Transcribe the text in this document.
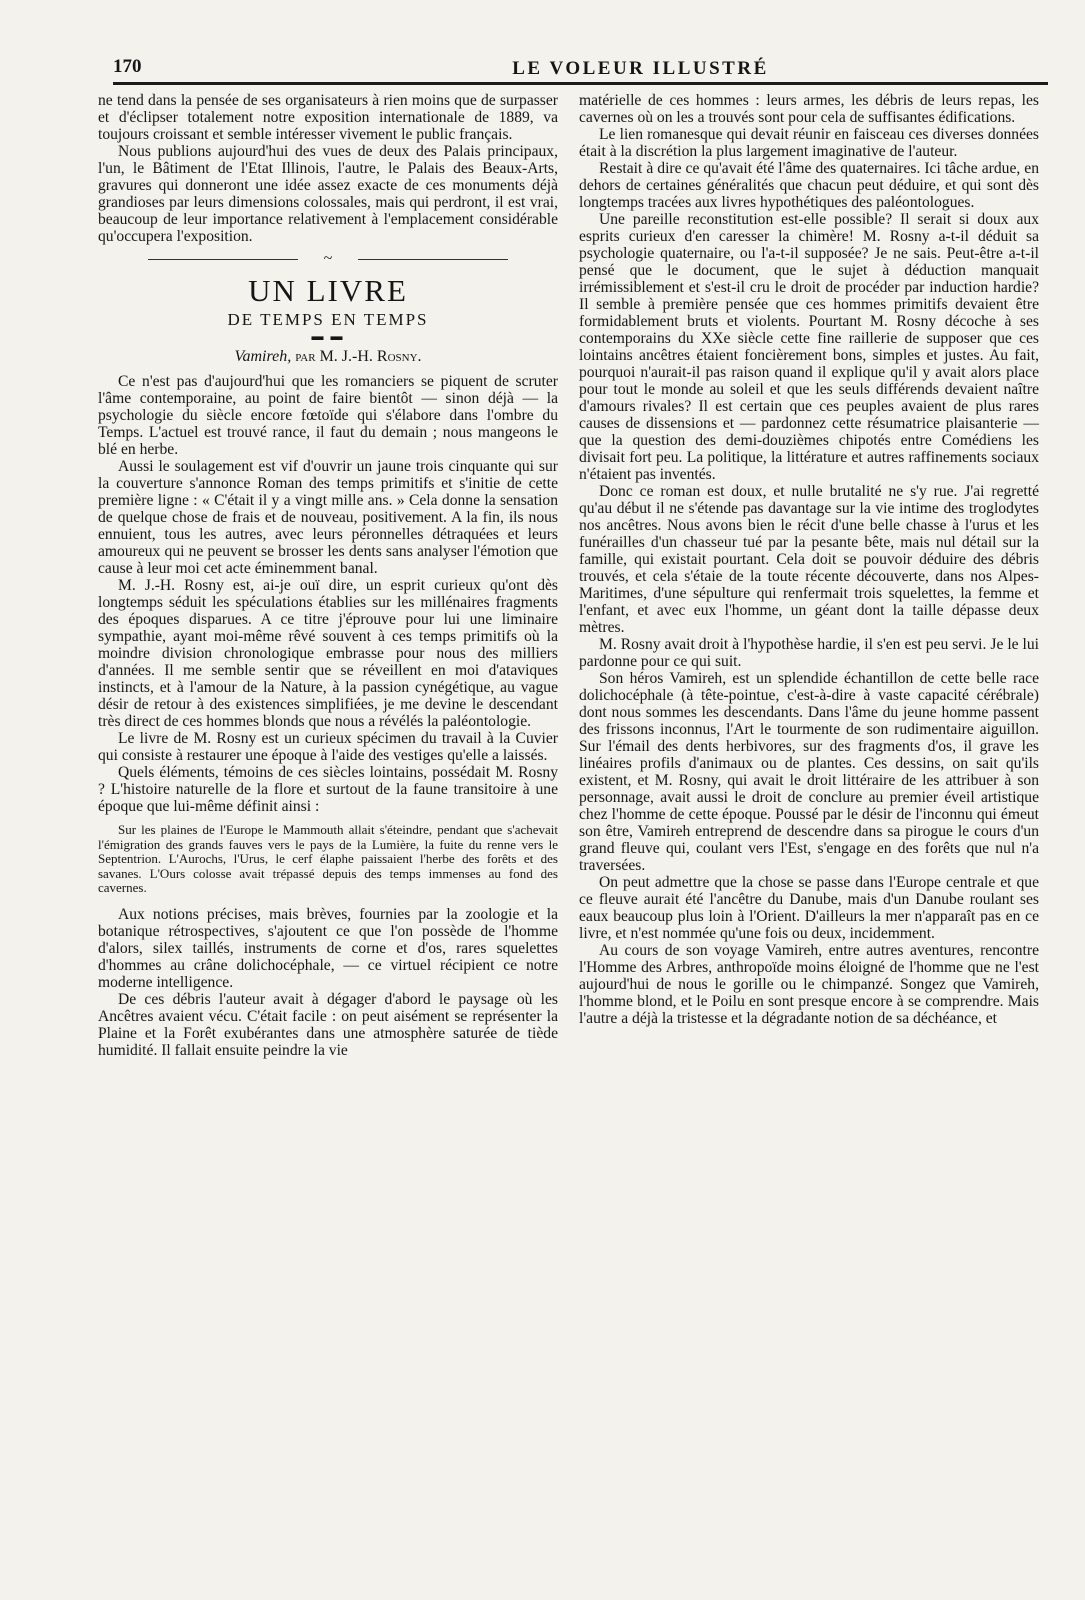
170	LE VOLEUR ILLUSTRÉ

ne tend dans la pensée de ses organisateurs à rien moins que de surpasser et d'éclipser totalement notre exposition internationale de 1889, va toujours croissant et semble intéresser vivement le public français.

Nous publions aujourd'hui des vues de deux des Palais principaux, l'un, le Bâtiment de l'Etat Illinois, l'autre, le Palais des Beaux-Arts, gravures qui donneront une idée assez exacte de ces monuments déjà grandioses par leurs dimensions colossales, mais qui perdront, il est vrai, beaucoup de leur importance relativement à l'emplacement considérable qu'occupera l'exposition.

~
UN LIVRE
DE TEMPS EN TEMPS
▬ ▬
Vamireh, par M. J.-H. Rosny.

Ce n'est pas d'aujourd'hui que les romanciers se piquent de scruter l'âme contemporaine, au point de faire bientôt — sinon déjà — la psychologie du siècle encore fœtoïde qui s'élabore dans l'ombre du Temps. L'actuel est trouvé rance, il faut du demain ; nous mangeons le blé en herbe.

Aussi le soulagement est vif d'ouvrir un jaune trois cinquante qui sur la couverture s'annonce Roman des temps primitifs et s'initie de cette première ligne : « C'était il y a vingt mille ans. » Cela donne la sensation de quelque chose de frais et de nouveau, positivement. A la fin, ils nous ennuient, tous les autres, avec leurs péronnelles détraquées et leurs amoureux qui ne peuvent se brosser les dents sans analyser l'émotion que cause à leur moi cet acte éminemment banal.

M. J.-H. Rosny est, ai-je ouï dire, un esprit curieux qu'ont dès longtemps séduit les spéculations établies sur les millénaires fragments des époques disparues. A ce titre j'éprouve pour lui une liminaire sympathie, ayant moi-même rêvé souvent à ces temps primitifs où la moindre division chronologique embrasse pour nous des milliers d'années. Il me semble sentir que se réveillent en moi d'ataviques instincts, et à l'amour de la Nature, à la passion cynégétique, au vague désir de retour à des existences simplifiées, je me devine le descendant très direct de ces hommes blonds que nous a révélés la paléontologie.

Le livre de M. Rosny est un curieux spécimen du travail à la Cuvier qui consiste à restaurer une époque à l'aide des vestiges qu'elle a laissés.

Quels éléments, témoins de ces siècles lointains, possédait M. Rosny ? L'histoire naturelle de la flore et surtout de la faune transitoire à une époque que lui-même définit ainsi :

Sur les plaines de l'Europe le Mammouth allait s'éteindre, pendant que s'achevait l'émigration des grands fauves vers le pays de la Lumière, la fuite du renne vers le Septentrion. L'Aurochs, l'Urus, le cerf élaphe paissaient l'herbe des forêts et des savanes. L'Ours colosse avait trépassé depuis des temps immenses au fond des cavernes.

Aux notions précises, mais brèves, fournies par la zoologie et la botanique rétrospectives, s'ajoutent ce que l'on possède de l'homme d'alors, silex taillés, instruments de corne et d'os, rares squelettes d'hommes au crâne dolichocéphale, — ce virtuel récipient ce notre moderne intelligence.

De ces débris l'auteur avait à dégager d'abord le paysage où les Ancêtres avaient vécu. C'était facile : on peut aisément se représenter la Plaine et la Forêt exubérantes dans une atmosphère saturée de tiède humidité. Il fallait ensuite peindre la vie

matérielle de ces hommes : leurs armes, les débris de leurs repas, les cavernes où on les a trouvés sont pour cela de suffisantes édifications.

Le lien romanesque qui devait réunir en faisceau ces diverses données était à la discrétion la plus largement imaginative de l'auteur.

Restait à dire ce qu'avait été l'âme des quaternaires. Ici tâche ardue, en dehors de certaines généralités que chacun peut déduire, et qui sont dès longtemps tracées aux livres hypothétiques des paléontologues.

Une pareille reconstitution est-elle possible? Il serait si doux aux esprits curieux d'en caresser la chimère! M. Rosny a-t-il déduit sa psychologie quaternaire, ou l'a-t-il supposée? Je ne sais. Peut-être a-t-il pensé que le document, que le sujet à déduction manquait irrémissiblement et s'est-il cru le droit de procéder par induction hardie? Il semble à première pensée que ces hommes primitifs devaient être formidablement bruts et violents. Pourtant M. Rosny décoche à ses contemporains du XXe siècle cette fine raillerie de supposer que ces lointains ancêtres étaient foncièrement bons, simples et justes. Au fait, pourquoi n'aurait-il pas raison quand il explique qu'il y avait alors place pour tout le monde au soleil et que les seuls différends devaient naître d'amours rivales? Il est certain que ces peuples avaient de plus rares causes de dissensions et — pardonnez cette résumatrice plaisanterie — que la question des demi-douzièmes chipotés entre Comédiens les divisait fort peu. La politique, la littérature et autres raffinements sociaux n'étaient pas inventés.

Donc ce roman est doux, et nulle brutalité ne s'y rue. J'ai regretté qu'au début il ne s'étende pas davantage sur la vie intime des troglodytes nos ancêtres. Nous avons bien le récit d'une belle chasse à l'urus et les funérailles d'un chasseur tué par la pesante bête, mais nul détail sur la famille, qui existait pourtant. Cela doit se pouvoir déduire des débris trouvés, et cela s'étaie de la toute récente découverte, dans nos Alpes-Maritimes, d'une sépulture qui renfermait trois squelettes, la femme et l'enfant, et avec eux l'homme, un géant dont la taille dépasse deux mètres.

M. Rosny avait droit à l'hypothèse hardie, il s'en est peu servi. Je le lui pardonne pour ce qui suit.

Son héros Vamireh, est un splendide échantillon de cette belle race dolichocéphale (à tête-pointue, c'est-à-dire à vaste capacité cérébrale) dont nous sommes les descendants. Dans l'âme du jeune homme passent des frissons inconnus, l'Art le tourmente de son rudimentaire aiguillon. Sur l'émail des dents herbivores, sur des fragments d'os, il grave les linéaires profils d'animaux ou de plantes. Ces dessins, on sait qu'ils existent, et M. Rosny, qui avait le droit littéraire de les attribuer à son personnage, avait aussi le droit de conclure au premier éveil artistique chez l'homme de cette époque. Poussé par le désir de l'inconnu qui émeut son être, Vamireh entreprend de descendre dans sa pirogue le cours d'un grand fleuve qui, coulant vers l'Est, s'engage en des forêts que nul n'a traversées.

On peut admettre que la chose se passe dans l'Europe centrale et que ce fleuve aurait été l'ancêtre du Danube, mais d'un Danube roulant ses eaux beaucoup plus loin à l'Orient. D'ailleurs la mer n'apparaît pas en ce livre, et n'est nommée qu'une fois ou deux, incidemment.

Au cours de son voyage Vamireh, entre autres aventures, rencontre l'Homme des Arbres, anthropoïde moins éloigné de l'homme que ne l'est aujourd'hui de nous le gorille ou le chimpanzé. Songez que Vamireh, l'homme blond, et le Poilu en sont presque encore à se comprendre. Mais l'autre a déjà la tristesse et la dégradante notion de sa déchéance, et
